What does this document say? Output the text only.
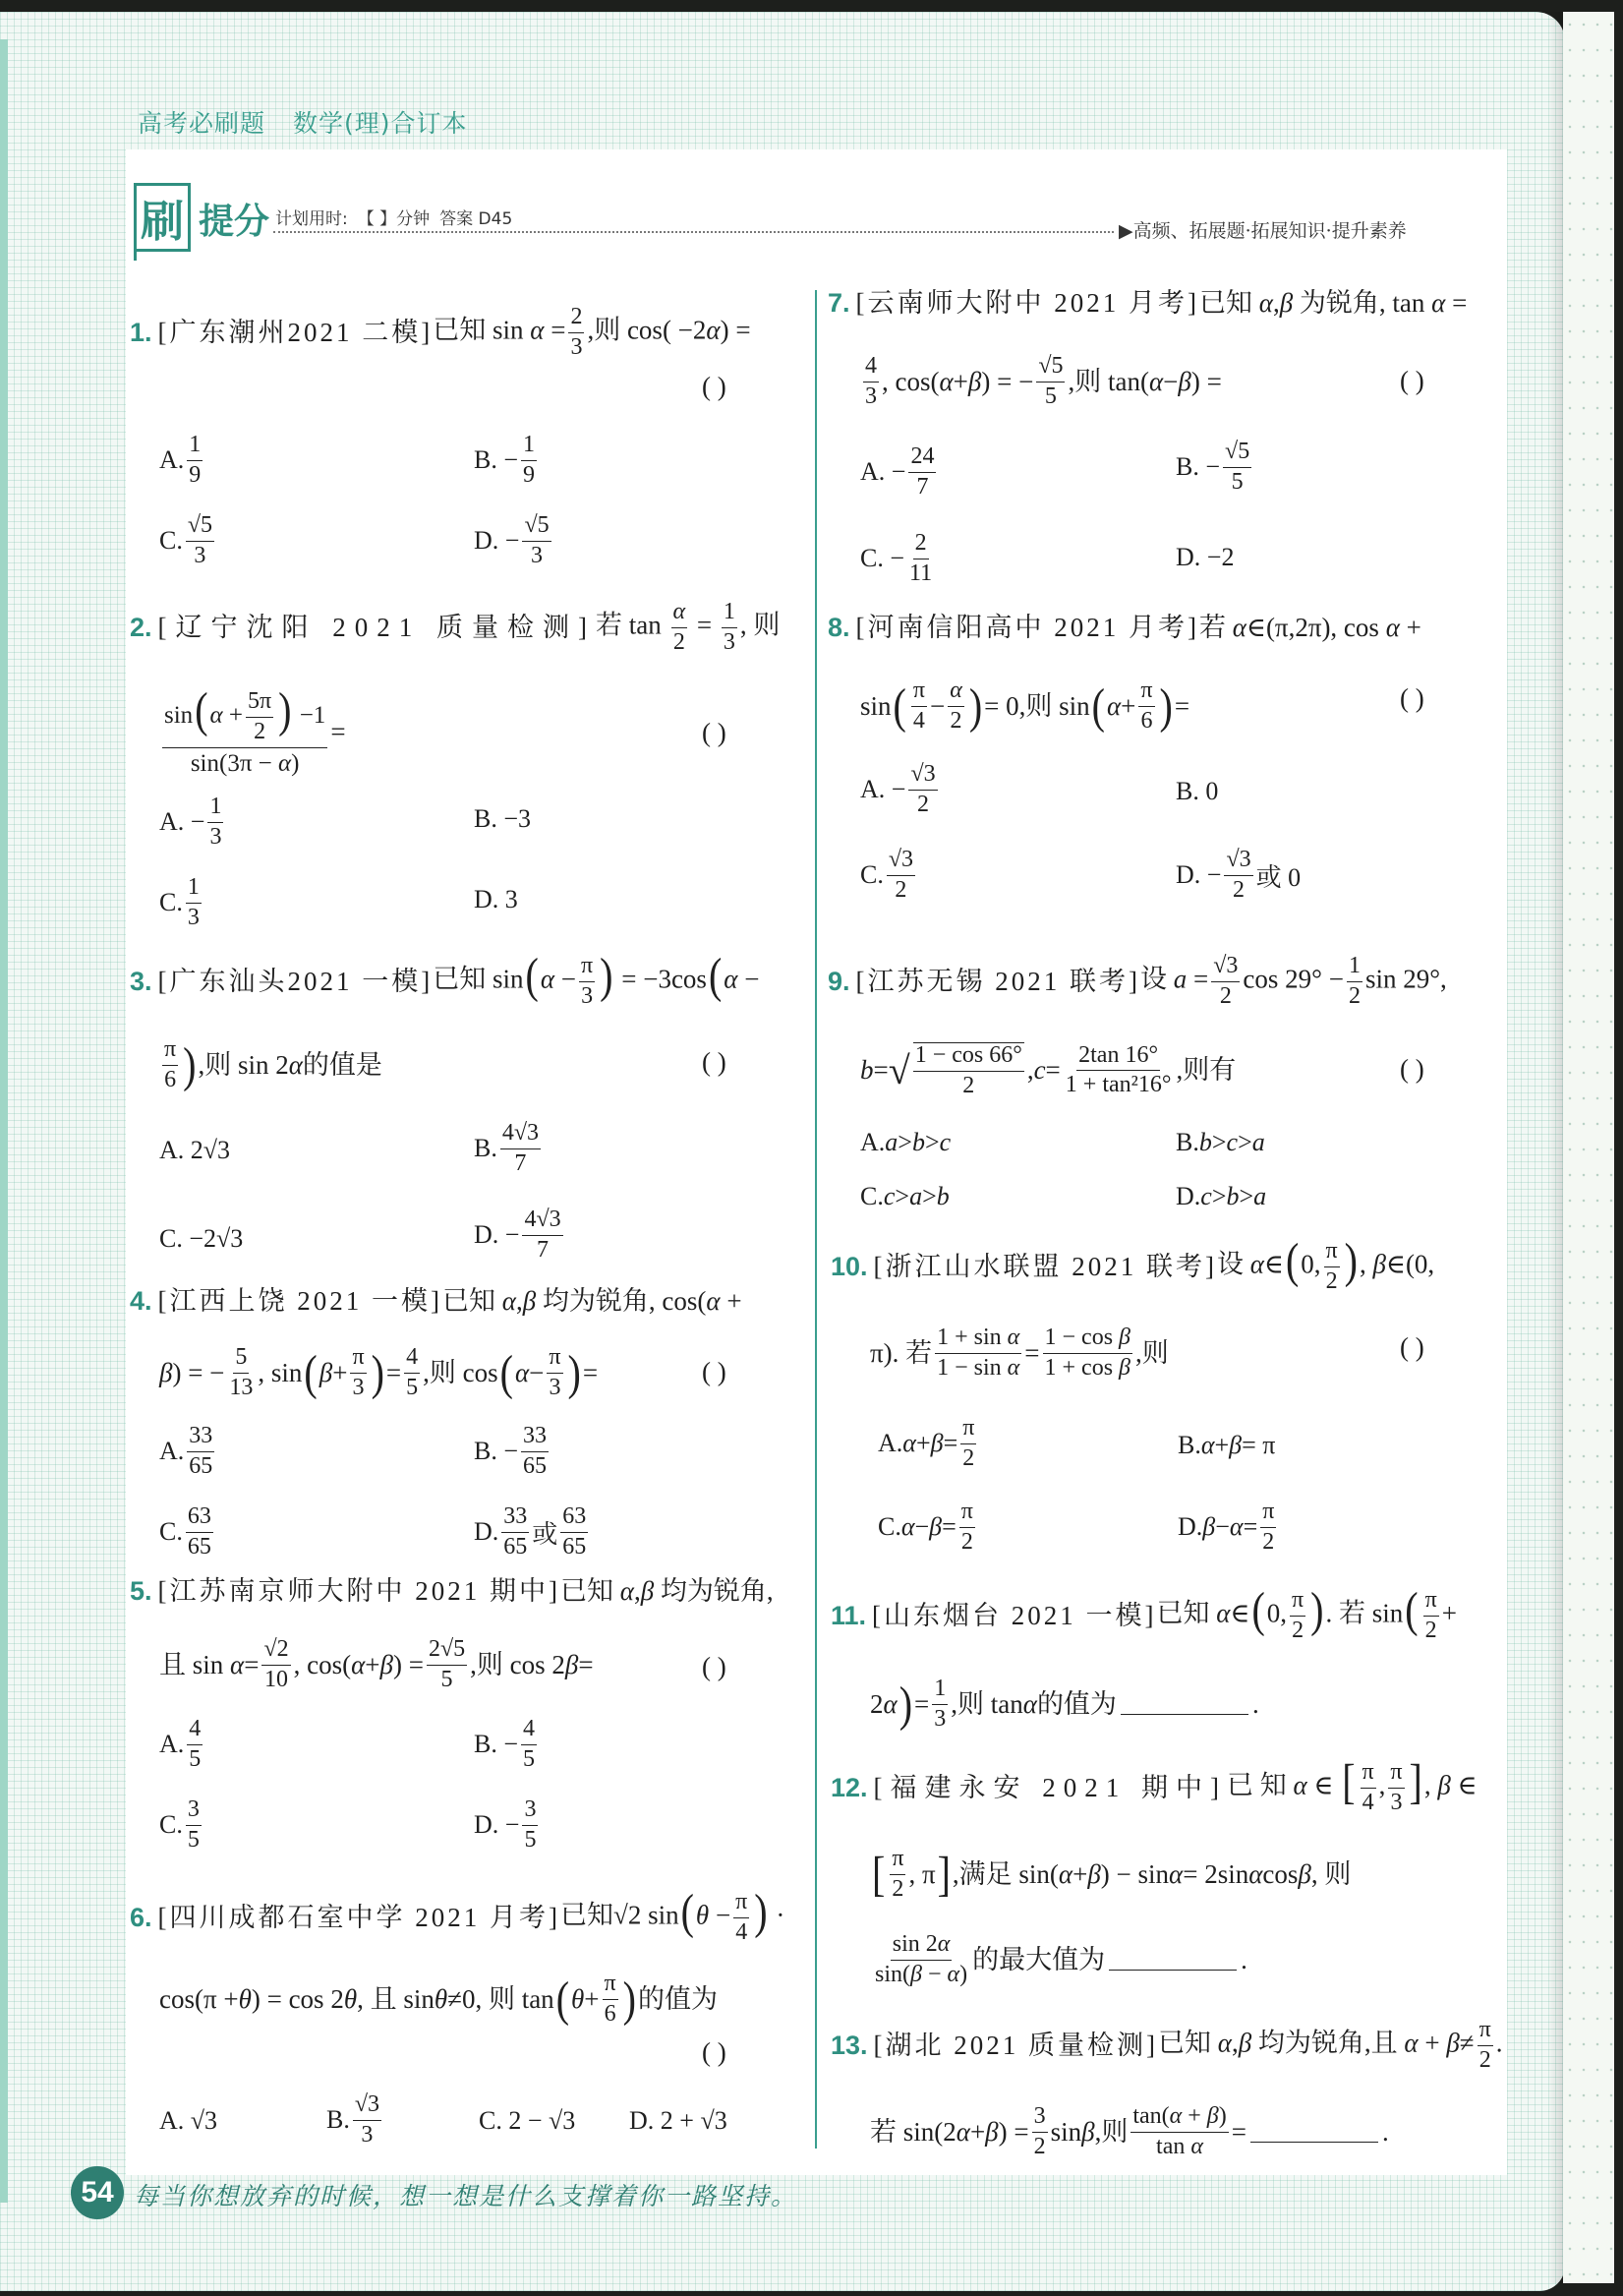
高考必刷题 数学(理)合订本
刷 提分 计划用时: 【 】分钟 答案 D45
▶高频、拓展题·拓展知识·提升素养
1. [广东潮州2021 二模] 已知 $\sin \alpha = \frac{2}{3}$ ,则 cos( −2α) =
( )
A. $\frac{1}{9}$	B. − $\frac{1}{9}$
C. $\frac{√5}{3}$	D. − $\frac{√5}{3}$
2. [辽宁沈阳 2021 质量检测] 若 $\tan \frac{\alpha}{2} = \frac{1}{3}$ , 则
$\frac{\sin(\alpha + \frac{5\pi}{2} ) -1}{\sin(3\pi - \alpha)}$ =	( )
A. − $\frac{1}{3}$	B. −3
C. $\frac{1}{3}$	D. 3
3. [广东汕头2021 一模] 已知 $\sin(\alpha - \frac{\pi}{3}$ ) = −3cos(α −
$\frac{\pi}{6}$ ) ,则 sin 2 α 的值是	( )
A. 2√3	B. $\frac{4√3}{7}$
C. −2√3	D. − $\frac{4√3}{7}$
4. [江西上饶 2021 一模] 已知 α,β 均为锐角, cos(α +
β ) = − $\frac{5}{13}$ , sin ( $\beta + \frac{\pi}{3}$ ) = $\frac{4}{5}$ ,则 cos ( $\alpha - \frac{\pi}{3}$ ) =	( )
A. $\frac{33}{65}$	B. − $\frac{33}{65}$
C. $\frac{63}{65}$	D. $\frac{33}{65}$ 或 $\frac{63}{65}$
5. [江苏南京师大附中 2021 期中] 已知 α,β 均为锐角,
且 $\sin \alpha = \frac{√2}{10}$ , cos( α + β ) = $\frac{2√5}{5}$ ,则 cos 2 β =	( )
A. $\frac{4}{5}$	B. − $\frac{4}{5}$
C. $\frac{3}{5}$	D. − $\frac{3}{5}$
6. [四川成都石室中学 2021 月考] 已知√2 $\sin(\theta - \frac{\pi}{4}$ ) ·
cos(π + θ ) = cos 2 θ , 且 sin θ ≠0, 则 tan ( $\theta + \frac{\pi}{6}$ ) 的值为
( )
A. √3	B. $\frac{√3}{3}$	C. 2 − √3 D. 2 + √3
7. [云南师大附中 2021 月考] 已知 α,β 为锐角, tan α =
$\frac{4}{3}$ , cos( α + β ) = − $\frac{√5}{5}$ ,则 tan( α − β ) =	( )
A. − $\frac{24}{7}$	B. − $\frac{√5}{5}$
C. − $\frac{2}{11}$	D. −2
8. [河南信阳高中 2021 月考] 若 α∈(π,2π), cos α +
sin ( $\frac{\pi}{4} - \frac{\alpha}{2}$ ) = 0,则 sin ( $\alpha + \frac{\pi}{6}$ ) =	( )
A. − $\frac{√3}{2}$	B. 0
C. $\frac{√3}{2}$	D. − $\frac{√3}{2}$ 或 0
9. [江苏无锡 2021 联考] 设 $a = \frac{√3}{2}$ $\cos 29^\circ - \frac{1}{2}$ sin 29°,
b = √ $\frac{1 - \cos 66^\circ}{2}$ , $c = \frac{2\tan 16^\circ}{\text{1 + tan²16°}}$ ,则有	( )
A. a > b > c	B. b > c > a
C. c > a > b	D. c > b > a
10. [浙江山水联盟 2021 联考] 设 α∈(0, $\frac{\pi}{2}$ ), β∈(0,
π). 若 $\frac{\text{1 + sin α}}{\text{1 − sin α}} = \frac{\text{1 − cos β}}{\text{1 + cos β}}$ ,则	( )
A. $\alpha + \beta = \frac{\pi}{2}$	B. α + β = π
C. $\alpha - \beta = \frac{\pi}{2}$	D. $\beta - \alpha = \frac{\pi}{2}$
11. [山东烟台 2021 一模] 已知 α∈(0, $\frac{\pi}{2}$ ). 若 $\sin( \frac{\pi}{2}$ +
2 α ) = $\frac{1}{3}$ ,则 tan α 的值为	.
12. [福建永安 2021 期中] 已 知 α ∈ [ $\frac{\pi}{4}$ , $\frac{\pi}{3}$ ], β ∈
[ $\frac{\pi}{2}$ , π ] ,满足 sin( α + β ) − sin α = 2sin α cos β , 则
$\frac{\sin 2\alpha}{\sin(\beta - \alpha)}$ 的最大值为	.
13. [湖北 2021 质量检测] 已知 α,β 均为锐角,且 $\alpha + \beta\ne \frac{\pi}{2}$ .
若 sin(2 α + β ) = $\frac{3}{2}$ sin β ,则 $\frac{\tan(\alpha + \beta)}{\text{tan α}}$ =	.
54 每当你想放弃的时候，想一想是什么支撑着你一路坚持。
